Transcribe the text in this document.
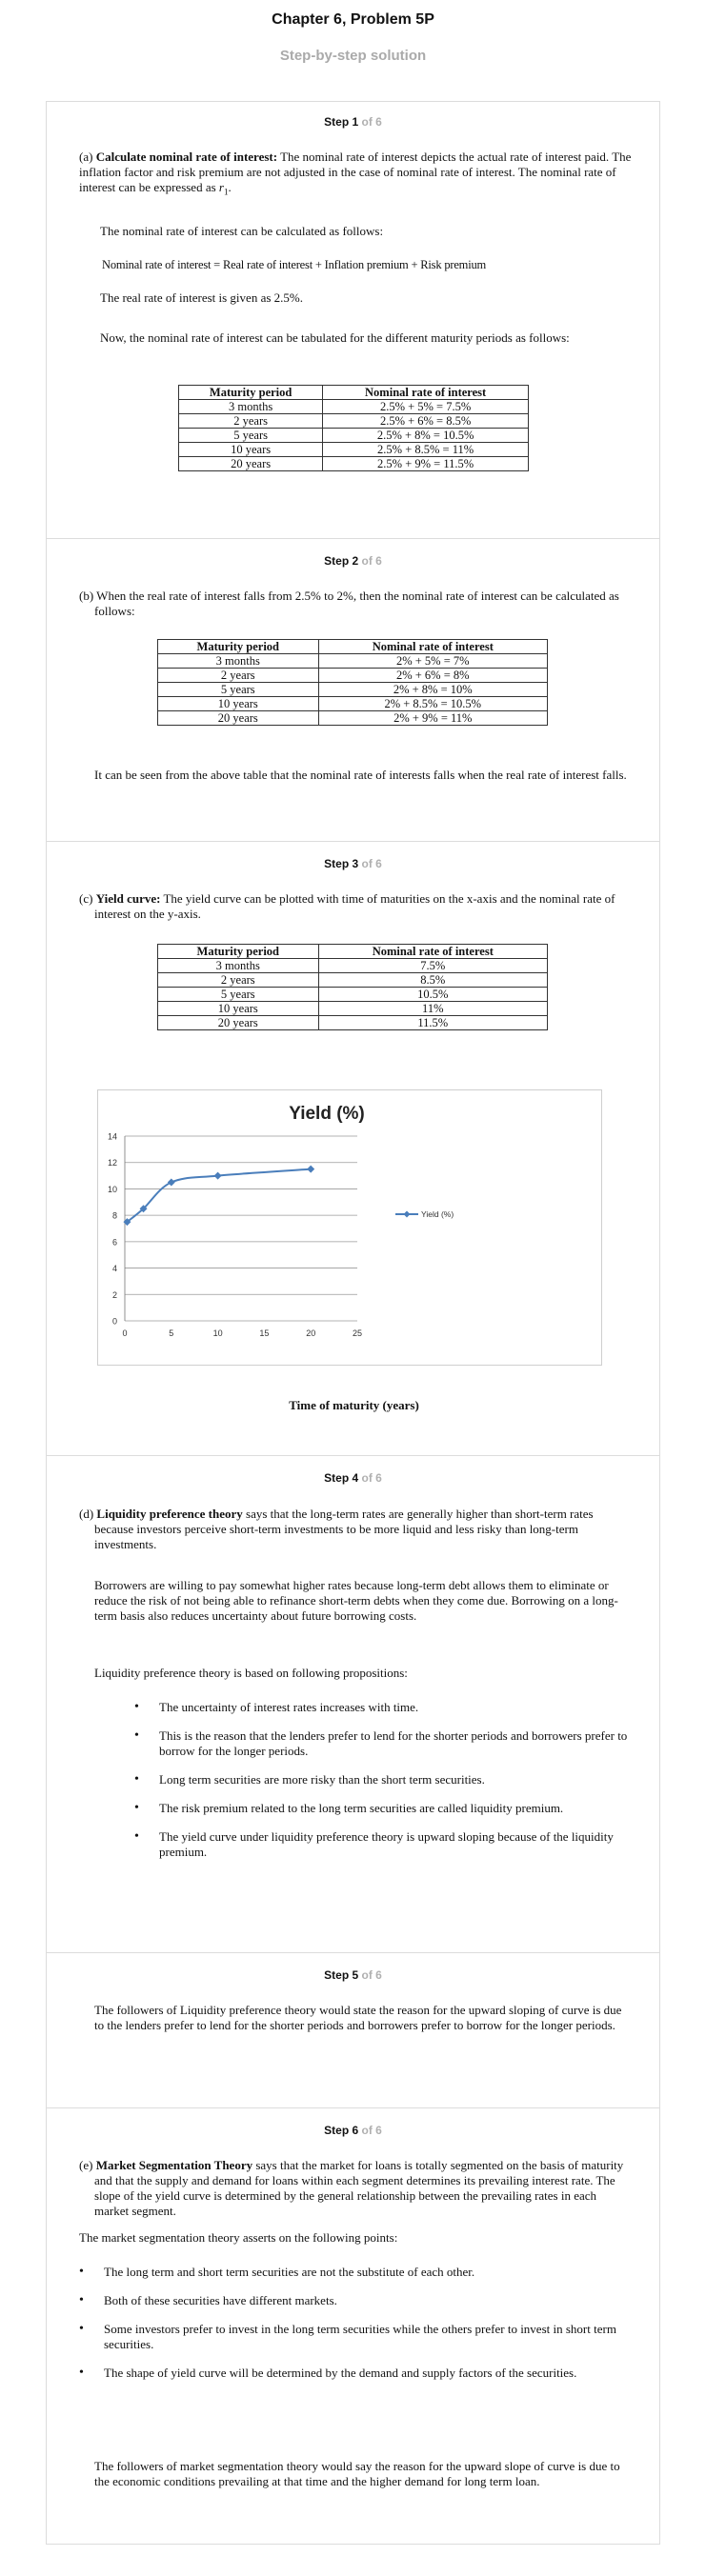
Chapter 6, Problem 5P
Step-by-step solution
Step 1 of 6

(a) Calculate nominal rate of interest: The nominal rate of interest depicts the actual rate of interest paid. The inflation factor and risk premium are not adjusted in the case of nominal rate of interest. The nominal rate of interest can be expressed as $r_1$.

The nominal rate of interest can be calculated as follows:
Nominal rate of interest = Real rate of interest + Inflation premium + Risk premium
The real rate of interest is given as 2.5%.
Now, the nominal rate of interest can be tabulated for the different maturity periods as follows:
Maturity period	Nominal rate of interest
3 months	2.5% + 5% = 7.5%
2 years	2.5% + 6% = 8.5%
5 years	2.5% + 8% = 10.5%
10 years	2.5% + 8.5% = 11%
20 years	2.5% + 9% = 11.5%
Step 2 of 6

(b) When the real rate of interest falls from 2.5% to 2%, then the nominal rate of interest can be calculated as follows:

Maturity period	Nominal rate of interest
3 months	2% + 5% = 7%
2 years	2% + 6% = 8%
5 years	2% + 8% = 10%
10 years	2% + 8.5% = 10.5%
20 years	2% + 9% = 11%

It can be seen from the above table that the nominal rate of interests falls when the real rate of interest falls.

Step 3 of 6

(c) Yield curve: The yield curve can be plotted with time of maturities on the x-axis and the nominal rate of interest on the y-axis.

Maturity period	Nominal rate of interest
3 months	7.5%
2 years	8.5%
5 years	10.5%
10 years	11%
20 years	11.5%
Time of maturity (years)
Yield (%)
0
2
4
6
8
10
12
14
0	5	10	15	20	25
Yield (%)
Step 4 of 6

(d) Liquidity preference theory says that the long-term rates are generally higher than short-term rates because investors perceive short-term investments to be more liquid and less risky than long-term investments.

Borrowers are willing to pay somewhat higher rates because long-term debt allows them to eliminate or reduce the risk of not being able to refinance short-term debts when they come due. Borrowing on a long-term basis also reduces uncertainty about future borrowing costs.

Liquidity preference theory is based on following propositions:
• The uncertainty of interest rates increases with time.
• This is the reason that the lenders prefer to lend for the shorter periods and borrowers prefer to borrow for the longer periods.
• Long term securities are more risky than the short term securities.
• The risk premium related to the long term securities are called liquidity premium.
• The yield curve under liquidity preference theory is upward sloping because of the liquidity premium.
Step 5 of 6

The followers of Liquidity preference theory would state the reason for the upward sloping of curve is due to the lenders prefer to lend for the shorter periods and borrowers prefer to borrow for the longer periods.

Step 6 of 6

(e) Market Segmentation Theory says that the market for loans is totally segmented on the basis of maturity and that the supply and demand for loans within each segment determines its prevailing interest rate. The slope of the yield curve is determined by the general relationship between the prevailing rates in each market segment.

The market segmentation theory asserts on the following points:
• The long term and short term securities are not the substitute of each other.
• Both of these securities have different markets.
• Some investors prefer to invest in the long term securities while the others prefer to invest in short term securities.
• The shape of yield curve will be determined by the demand and supply factors of the securities.

The followers of market segmentation theory would say the reason for the upward slope of curve is due to the economic conditions prevailing at that time and the higher demand for long term loan.
